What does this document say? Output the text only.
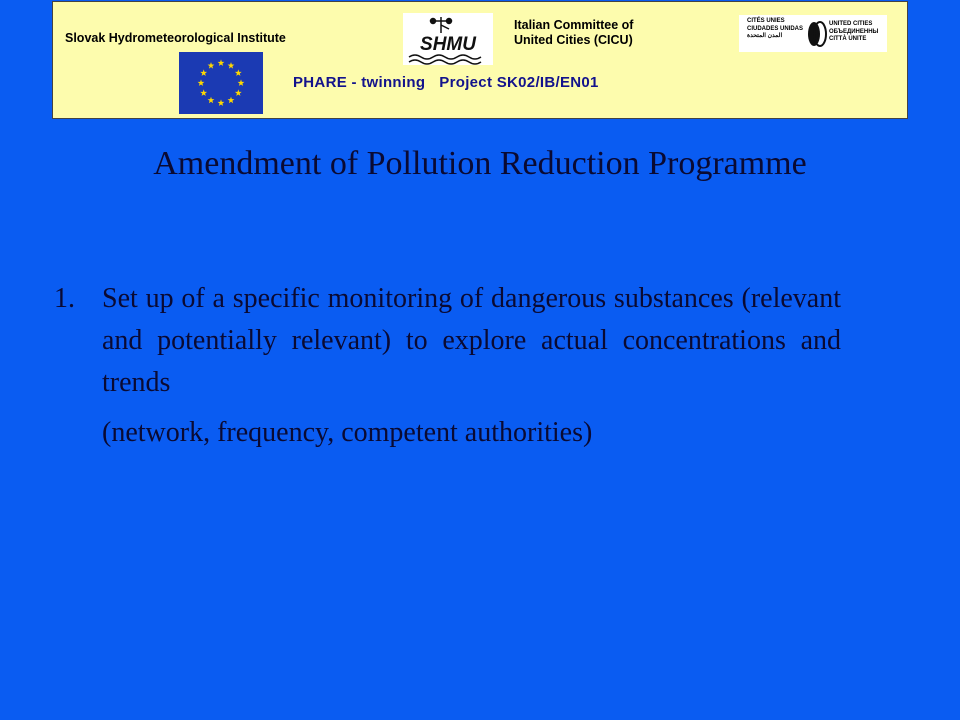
Slovak Hydrometeorological Institute	SHMU
Italian Committee of
United Cities (CICU)
CITÉS UNIES
CIUDADES UNIDAS
المدن المتحدة
UNITED CITIES
ОБЪЕДИНЕННЫ
CITTÀ UNITE
PHARE - twinning Project SK02/IB/EN01
Amendment of Pollution Reduction Programme
1. Set up of a specific monitoring of dangerous substances (relevant and potentially relevant) to explore actual concentrations and trends
(network, frequency, competent authorities)
